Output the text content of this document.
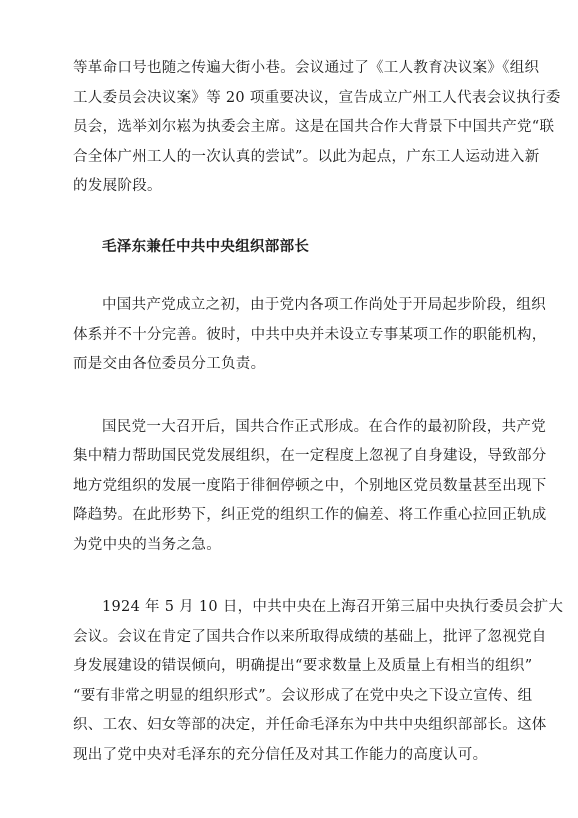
等革命口号也随之传遍大街小巷。会议通过了《工人教育决议案》《组织
工人委员会决议案》等 20 项重要决议，宣告成立广州工人代表会议执行委
员会，选举刘尔崧为执委会主席。这是在国共合作大背景下中国共产党“联
合全体广州工人的一次认真的尝试”。以此为起点，广东工人运动进入新
的发展阶段。

毛泽东兼任中共中央组织部部长

中国共产党成立之初，由于党内各项工作尚处于开局起步阶段，组织
体系并不十分完善。彼时，中共中央并未设立专事某项工作的职能机构，
而是交由各位委员分工负责。

国民党一大召开后，国共合作正式形成。在合作的最初阶段，共产党
集中精力帮助国民党发展组织，在一定程度上忽视了自身建设，导致部分
地方党组织的发展一度陷于徘徊停顿之中，个别地区党员数量甚至出现下
降趋势。在此形势下，纠正党的组织工作的偏差、将工作重心拉回正轨成
为党中央的当务之急。

1924 年 5 月 10 日，中共中央在上海召开第三届中央执行委员会扩大
会议。会议在肯定了国共合作以来所取得成绩的基础上，批评了忽视党自
身发展建设的错误倾向，明确提出“要求数量上及质量上有相当的组织”
“要有非常之明显的组织形式”。会议形成了在党中央之下设立宣传、组
织、工农、妇女等部的决定，并任命毛泽东为中共中央组织部部长。这体
现出了党中央对毛泽东的充分信任及对其工作能力的高度认可。
